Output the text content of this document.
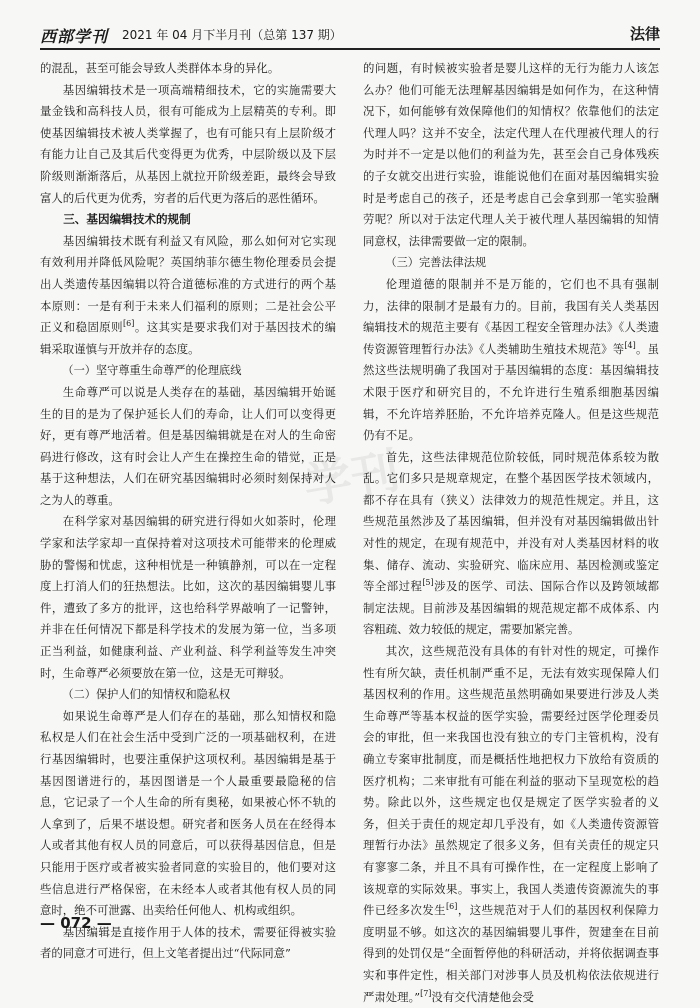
西部学刊 2021 年 04 月下半月刊（总第 137 期）	法律
学刊

的混乱，甚至可能会导致人类群体本身的异化。

基因编辑技术是一项高端精细技术，它的实施需要大量金钱和高科技人员，很有可能成为上层精英的专利。即使基因编辑技术被人类掌握了，也有可能只有上层阶级才有能力让自己及其后代变得更为优秀，中层阶级以及下层阶级则渐渐落后，从基因上就拉开阶级差距，最终会导致富人的后代更为优秀，穷者的后代更为落后的恶性循环。

三、基因编辑技术的规制

基因编辑技术既有利益又有风险，那么如何对它实现有效利用并降低风险呢？英国纳菲尔德生物伦理委员会提出人类遗传基因编辑以符合道德标准的方式进行的两个基本原则：一是有利于未来人们福利的原则；二是社会公平正义和稳固原则[6]。这其实是要求我们对于基因技术的编辑采取谨慎与开放并存的态度。

（一）坚守尊重生命尊严的伦理底线

生命尊严可以说是人类存在的基础，基因编辑开始诞生的目的是为了保护延长人们的寿命，让人们可以变得更好，更有尊严地活着。但是基因编辑就是在对人的生命密码进行修改，这有时会让人产生在操控生命的错觉，正是基于这种想法，人们在研究基因编辑时必须时刻保持对人之为人的尊重。

在科学家对基因编辑的研究进行得如火如荼时，伦理学家和法学家却一直保持着对这项技术可能带来的伦理威胁的警惕和忧虑，这种相忧是一种镇静剂，可以在一定程度上打消人们的狂热想法。比如，这次的基因编辑婴儿事件，遭致了多方的批评，这也给科学界敲响了一记警钟，并非在任何情况下都是科学技术的发展为第一位，当多项正当利益，如健康利益、产业利益、科学利益等发生冲突时，生命尊严必须要放在第一位，这是无可辩驳。

（二）保护人们的知情权和隐私权

如果说生命尊严是人们存在的基础，那么知情权和隐私权是人们在社会生活中受到广泛的一项基础权利，在进行基因编辑时，也要注重保护这项权利。基因编辑是基于基因图谱进行的，基因图谱是一个人最重要最隐秘的信息，它记录了一个人生命的所有奥秘，如果被心怀不轨的人拿到了，后果不堪设想。研究者和医务人员在在经得本人或者其他有权人员的同意后，可以获得基因信息，但是只能用于医疗或者被实验者同意的实验目的，他们要对这些信息进行严格保密，在未经本人或者其他有权人员的同意时，绝不可泄露、出卖给任何他人、机构或组织。

基因编辑是直接作用于人体的技术，需要征得被实验者的同意才可进行，但上文笔者提出过“代际同意”

的问题，有时候被实验者是婴儿这样的无行为能力人该怎么办？他们可能无法理解基因编辑是如何作为，在这种情况下，如何能够有效保障他们的知情权？依靠他们的法定代理人吗？这并不安全，法定代理人在代理被代理人的行为时并不一定是以他们的利益为先，甚至会自己身体残疾的子女就交出进行实验，谁能说他们在面对基因编辑实验时是考虑自己的孩子，还是考虑自己会拿到那一笔实验酬劳呢？所以对于法定代理人关于被代理人基因编辑的知情同意权，法律需要做一定的限制。

（三）完善法律法规

伦理道德的限制并不是万能的，它们也不具有强制力，法律的限制才是最有力的。目前，我国有关人类基因编辑技术的规范主要有《基因工程安全管理办法》《人类遗传资源管理暂行办法》《人类辅助生殖技术规范》等[4]。虽然这些法规明确了我国对于基因编辑的态度：基因编辑技术限于医疗和研究目的，不允许进行生殖系细胞基因编辑，不允许培养胚胎，不允许培养克隆人。但是这些规范仍有不足。

首先，这些法律规范位阶较低，同时规范体系较为散乱。它们多只是规章规定，在整个基因医学技术领域内，都不存在具有（狭义）法律效力的规范性规定。并且，这些规范虽然涉及了基因编辑，但并没有对基因编辑做出针对性的规定，在现有规范中，并没有对人类基因材料的收集、储存、流动、实验研究、临床应用、基因检测或鉴定等全部过程[5]涉及的医学、司法、国际合作以及跨领域都制定法规。目前涉及基因编辑的规范规定都不成体系、内容粗疏、效力较低的规定，需要加紧完善。

其次，这些规范没有具体的有针对性的规定，可操作性有所欠缺，责任机制严重不足，无法有效实现保障人们基因权利的作用。这些规范虽然明确如果要进行涉及人类生命尊严等基本权益的医学实验，需要经过医学伦理委员会的审批，但一来我国也没有独立的专门主管机构，没有确立专案审批制度，而是概括性地把权力下放给有资质的医疗机构；二来审批有可能在利益的驱动下呈现宽松的趋势。除此以外，这些规定也仅是规定了医学实验者的义务，但关于责任的规定却几乎没有，如《人类遗传资源管理暂行办法》虽然规定了很多义务，但有关责任的规定只有寥寥二条，并且不具有可操作性，在一定程度上影响了该规章的实际效果。事实上，我国人类遗传资源流失的事件已经多次发生[6]，这些规范对于人们的基因权利保障力度明显不够。如这次的基因编辑婴儿事件，贺建奎在目前得到的处罚仅是“全面暂停他的科研活动，并将依据调查事实和事件定性，相关部门对涉事人员及机构依法依规进行严肃处理。”[7]没有交代清楚他会受

— 072 —
